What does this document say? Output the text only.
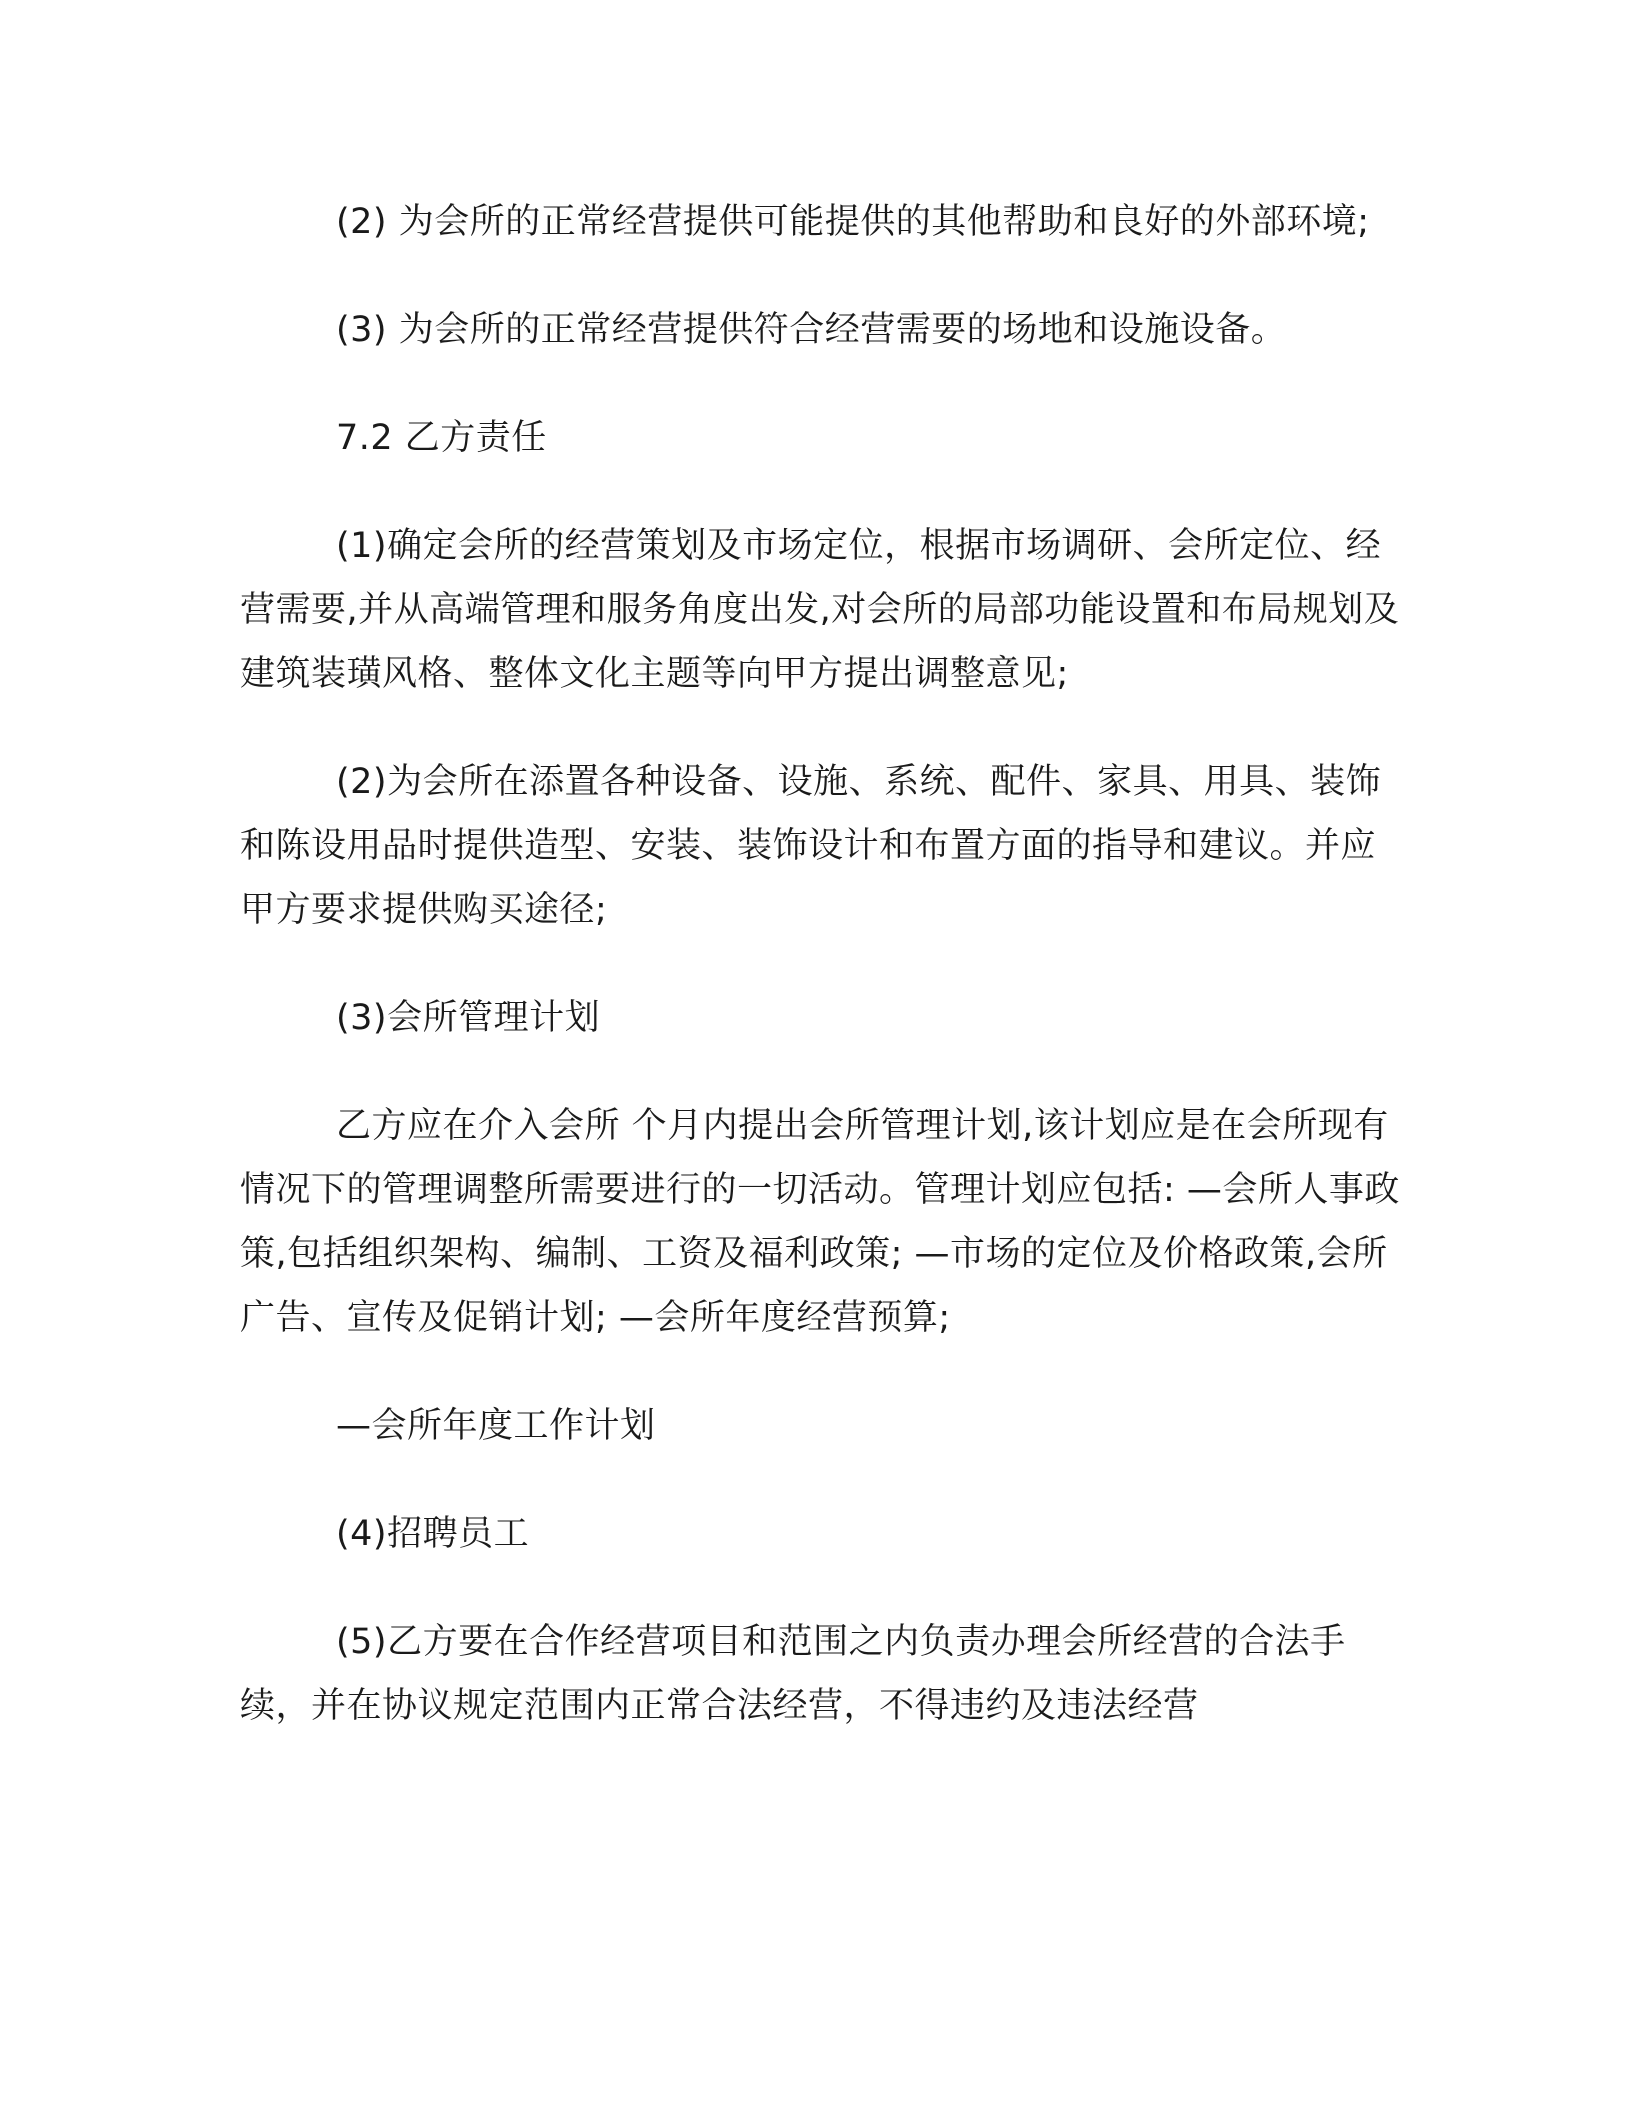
(2) 为会所的正常经营提供可能提供的其他帮助和良好的外部环境;

(3) 为会所的正常经营提供符合经营需要的场地和设施设备。

7.2 乙方责任

(1)确定会所的经营策划及市场定位，根据市场调研、会所定位、经营需要,并从高端管理和服务角度出发,对会所的局部功能设置和布局规划及建筑装璜风格、整体文化主题等向甲方提出调整意见;

(2)为会所在添置各种设备、设施、系统、配件、家具、用具、装饰和陈设用品时提供造型、安装、装饰设计和布置方面的指导和建议。并应甲方要求提供购买途径;

(3)会所管理计划

乙方应在介入会所 个月内提出会所管理计划,该计划应是在会所现有情况下的管理调整所需要进行的一切活动。管理计划应包括: —会所人事政策,包括组织架构、编制、工资及福利政策; —市场的定位及价格政策,会所广告、宣传及促销计划; —会所年度经营预算;

—会所年度工作计划

(4)招聘员工

(5)乙方要在合作经营项目和范围之内负责办理会所经营的合法手续，并在协议规定范围内正常合法经营，不得违约及违法经营
